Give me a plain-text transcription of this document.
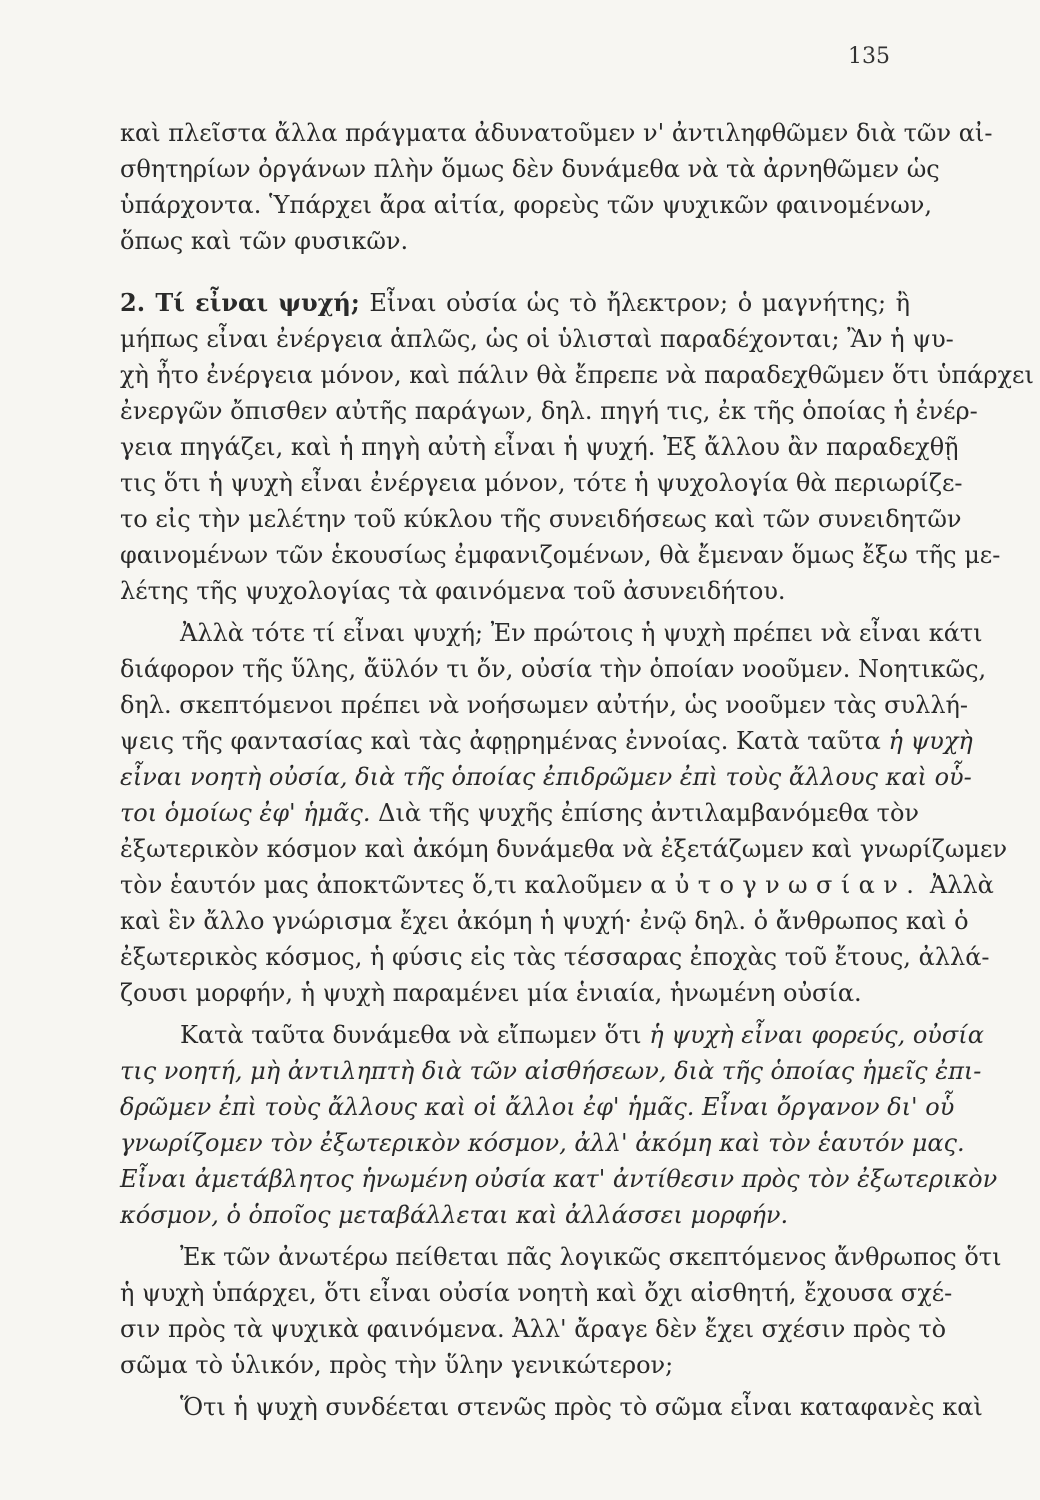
135
καὶ πλεῖστα ἄλλα πράγματα ἀδυνατοῦμεν ν' ἀντιληφθῶμεν διὰ τῶν αἰ-
σθητηρίων ὀργάνων πλὴν ὅμως δὲν δυνάμεθα νὰ τὰ ἀρνηθῶμεν ὡς
ὑπάρχοντα. Ὑπάρχει ἄρα αἰτία, φορεὺς τῶν ψυχικῶν φαινομένων,
ὅπως καὶ τῶν φυσικῶν.
2. Τί εἶναι ψυχή; Εἶναι οὐσία ὡς τὸ ἤλεκτρον; ὁ μαγνήτης; ἢ
μήπως εἶναι ἐνέργεια ἁπλῶς, ὡς οἱ ὑλισταὶ παραδέχονται; Ἂν ἡ ψυ-
χὴ ἦτο ἐνέργεια μόνον, καὶ πάλιν θὰ ἔπρεπε νὰ παραδεχθῶμεν ὅτι ὑπάρχει
ἐνεργῶν ὄπισθεν αὐτῆς παράγων, δηλ. πηγή τις, ἐκ τῆς ὁποίας ἡ ἐνέρ-
γεια πηγάζει, καὶ ἡ πηγὴ αὐτὴ εἶναι ἡ ψυχή. Ἐξ ἄλλου ἂν παραδεχθῇ
τις ὅτι ἡ ψυχὴ εἶναι ἐνέργεια μόνον, τότε ἡ ψυχολογία θὰ περιωρίζε-
το εἰς τὴν μελέτην τοῦ κύκλου τῆς συνειδήσεως καὶ τῶν συνειδητῶν
φαινομένων τῶν ἑκουσίως ἐμφανιζομένων, θὰ ἔμεναν ὅμως ἔξω τῆς με-
λέτης τῆς ψυχολογίας τὰ φαινόμενα τοῦ ἀσυνειδήτου.
Ἀλλὰ τότε τί εἶναι ψυχή; Ἐν πρώτοις ἡ ψυχὴ πρέπει νὰ εἶναι κάτι
διάφορον τῆς ὕλης, ἄϋλόν τι ὄν, οὐσία τὴν ὁποίαν νοοῦμεν. Νοητικῶς,
δηλ. σκεπτόμενοι πρέπει νὰ νοήσωμεν αὐτήν, ὡς νοοῦμεν τὰς συλλή-
ψεις τῆς φαντασίας καὶ τὰς ἀφῃρημένας ἐννοίας. Κατὰ ταῦτα ἡ ψυχὴ
εἶναι νοητὴ οὐσία, διὰ τῆς ὁποίας ἐπιδρῶμεν ἐπὶ τοὺς ἄλλους καὶ οὗ-
τοι ὁμοίως ἐφ' ἡμᾶς. Διὰ τῆς ψυχῆς ἐπίσης ἀντιλαμβανόμεθα τὸν
ἐξωτερικὸν κόσμον καὶ ἀκόμη δυνάμεθα νὰ ἐξετάζωμεν καὶ γνωρίζωμεν
τὸν ἑαυτόν μας ἀποκτῶντες ὅ,τι καλοῦμεν αὐτογνωσίαν. Ἀλλὰ
καὶ ἓν ἄλλο γνώρισμα ἔχει ἀκόμη ἡ ψυχή· ἐνῷ δηλ. ὁ ἄνθρωπος καὶ ὁ
ἐξωτερικὸς κόσμος, ἡ φύσις εἰς τὰς τέσσαρας ἐποχὰς τοῦ ἔτους, ἀλλά-
ζουσι μορφήν, ἡ ψυχὴ παραμένει μία ἑνιαία, ἡνωμένη οὐσία.
Κατὰ ταῦτα δυνάμεθα νὰ εἴπωμεν ὅτι ἡ ψυχὴ εἶναι φορεύς, οὐσία
τις νοητή, μὴ ἀντιληπτὴ διὰ τῶν αἰσθήσεων, διὰ τῆς ὁποίας ἡμεῖς ἐπι-
δρῶμεν ἐπὶ τοὺς ἄλλους καὶ οἱ ἄλλοι ἐφ' ἡμᾶς. Εἶναι ὄργανον δι' οὗ
γνωρίζομεν τὸν ἐξωτερικὸν κόσμον, ἀλλ' ἀκόμη καὶ τὸν ἑαυτόν μας.
Εἶναι ἀμετάβλητος ἡνωμένη οὐσία κατ' ἀντίθεσιν πρὸς τὸν ἐξωτερικὸν
κόσμον, ὁ ὁποῖος μεταβάλλεται καὶ ἀλλάσσει μορφήν.
Ἐκ τῶν ἀνωτέρω πείθεται πᾶς λογικῶς σκεπτόμενος ἄνθρωπος ὅτι
ἡ ψυχὴ ὑπάρχει, ὅτι εἶναι οὐσία νοητὴ καὶ ὄχι αἰσθητή, ἔχουσα σχέ-
σιν πρὸς τὰ ψυχικὰ φαινόμενα. Ἀλλ' ἄραγε δὲν ἔχει σχέσιν πρὸς τὸ
σῶμα τὸ ὑλικόν, πρὸς τὴν ὕλην γενικώτερον;
Ὅτι ἡ ψυχὴ συνδέεται στενῶς πρὸς τὸ σῶμα εἶναι καταφανὲς καὶ
